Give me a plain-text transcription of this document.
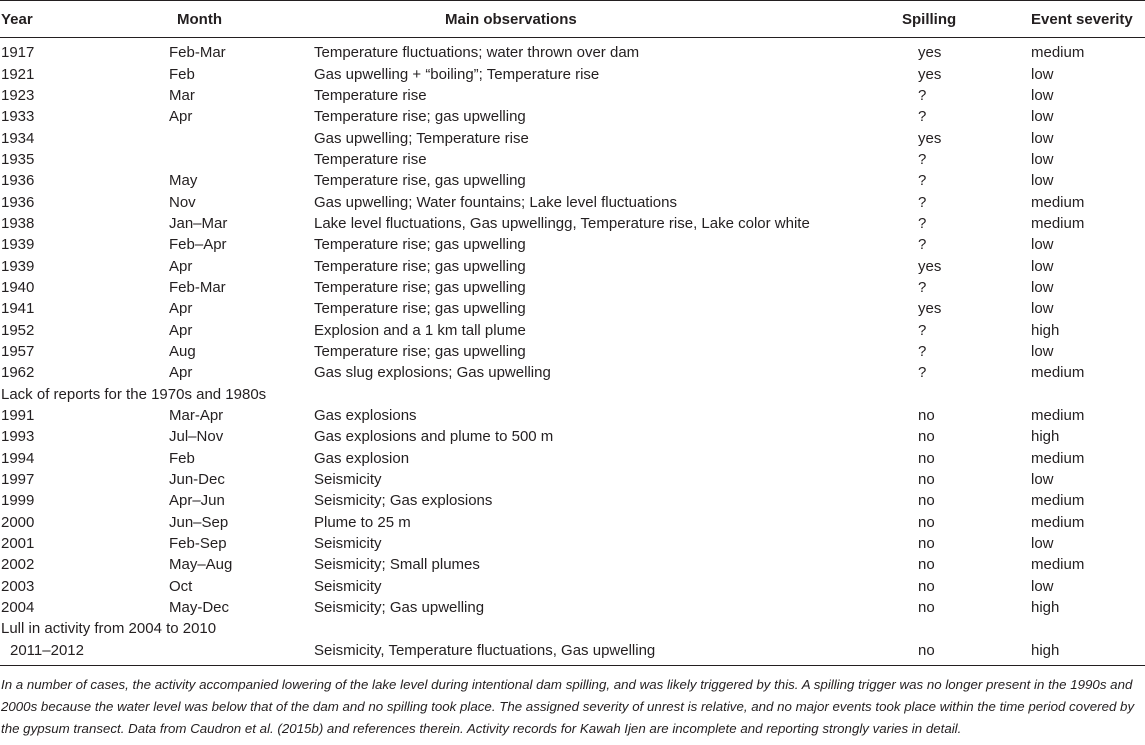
Year	Month	Main observations	Spilling	Event severity
1917	Feb-Mar	Temperature fluctuations; water thrown over dam	yes	medium
1921	Feb	Gas upwelling + “boiling”; Temperature rise	yes	low
1923	Mar	Temperature rise	?	low
1933	Apr	Temperature rise; gas upwelling	?	low
1934		Gas upwelling; Temperature rise	yes	low
1935		Temperature rise	?	low
1936	May	Temperature rise, gas upwelling	?	low
1936	Nov	Gas upwelling; Water fountains; Lake level fluctuations	?	medium
1938	Jan–Mar	Lake level fluctuations, Gas upwellingg, Temperature rise, Lake color white	?	medium
1939	Feb–Apr	Temperature rise; gas upwelling	?	low
1939	Apr	Temperature rise; gas upwelling	yes	low
1940	Feb-Mar	Temperature rise; gas upwelling	?	low
1941	Apr	Temperature rise; gas upwelling	yes	low
1952	Apr	Explosion and a 1 km tall plume	?	high
1957	Aug	Temperature rise; gas upwelling	?	low
1962	Apr	Gas slug explosions; Gas upwelling	?	medium
Lack of reports for the 1970s and 1980s				
1991	Mar-Apr	Gas explosions	no	medium
1993	Jul–Nov	Gas explosions and plume to 500 m	no	high
1994	Feb	Gas explosion	no	medium
1997	Jun-Dec	Seismicity	no	low
1999	Apr–Jun	Seismicity; Gas explosions	no	medium
2000	Jun–Sep	Plume to 25 m	no	medium
2001	Feb-Sep	Seismicity	no	low
2002	May–Aug	Seismicity; Small plumes	no	medium
2003	Oct	Seismicity	no	low
2004	May-Dec	Seismicity; Gas upwelling	no	high
Lull in activity from 2004 to 2010				
2011–2012		Seismicity, Temperature fluctuations, Gas upwelling	no	high

In a number of cases, the activity accompanied lowering of the lake level during intentional dam spilling, and was likely triggered by this. A spilling trigger was no longer present in the 1990s and 2000s because the water level was below that of the dam and no spilling took place. The assigned severity of unrest is relative, and no major events took place within the time period covered by the gypsum transect. Data from Caudron et al. (2015b) and references therein. Activity records for Kawah Ijen are incomplete and reporting strongly varies in detail.
